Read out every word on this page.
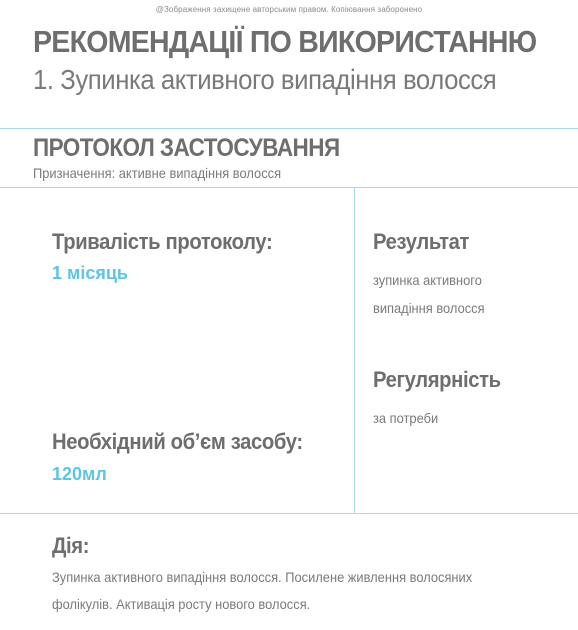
@Зображення захищене авторським правом. Копіювання заборонено
РЕКОМЕНДАЦІЇ ПО ВИКОРИСТАННЮ
1. Зупинка активного випадіння волосся
ПРОТОКОЛ ЗАСТОСУВАННЯ
Призначення: активне випадіння волосся
Тривалість протоколу:
1 місяць
Необхідний об’єм засобу:
120мл
Результат
зупинка активного випадіння волосся
Регулярність
за потреби
Дія:
Зупинка активного випадіння волосся. Посилене живлення волосяних фолікулів. Активація росту нового волосся.
